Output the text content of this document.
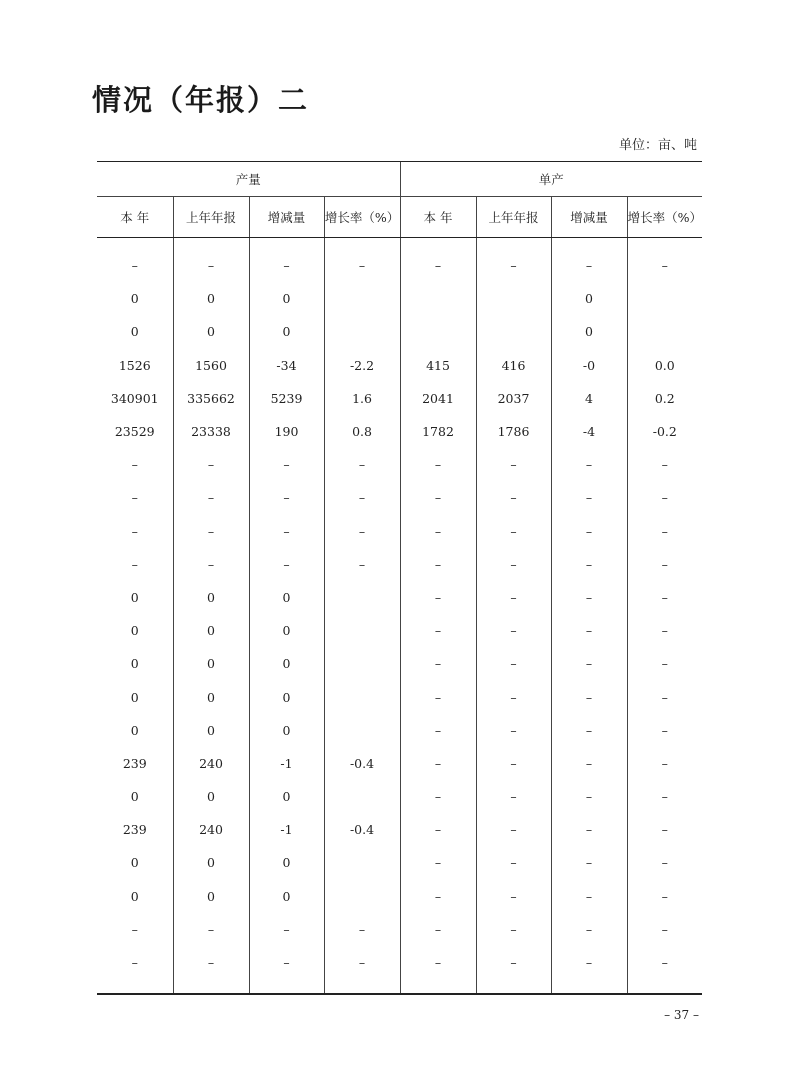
情况（年报）二
单位：亩、吨
产量				单产			
本 年	上年年报	增减量	增长率（%）	本 年	上年年报	增减量	增长率（%）

–	–	–	–	–	–	–	–
0	0	0				0	
0	0	0				0	
1526	1560	-34	-2.2	415	416	-0	0.0
340901	335662	5239	1.6	2041	2037	4	0.2
23529	23338	190	0.8	1782	1786	-4	-0.2
–	–	–	–	–	–	–	–
–	–	–	–	–	–	–	–
–	–	–	–	–	–	–	–
–	–	–	–	–	–	–	–
0	0	0		–	–	–	–
0	0	0		–	–	–	–
0	0	0		–	–	–	–
0	0	0		–	–	–	–
0	0	0		–	–	–	–
239	240	-1	-0.4	–	–	–	–
0	0	0		–	–	–	–
239	240	-1	-0.4	–	–	–	–
0	0	0		–	–	–	–
0	0	0		–	–	–	–
–	–	–	–	–	–	–	–
–	–	–	–	–	–	–	–

– 37 –
